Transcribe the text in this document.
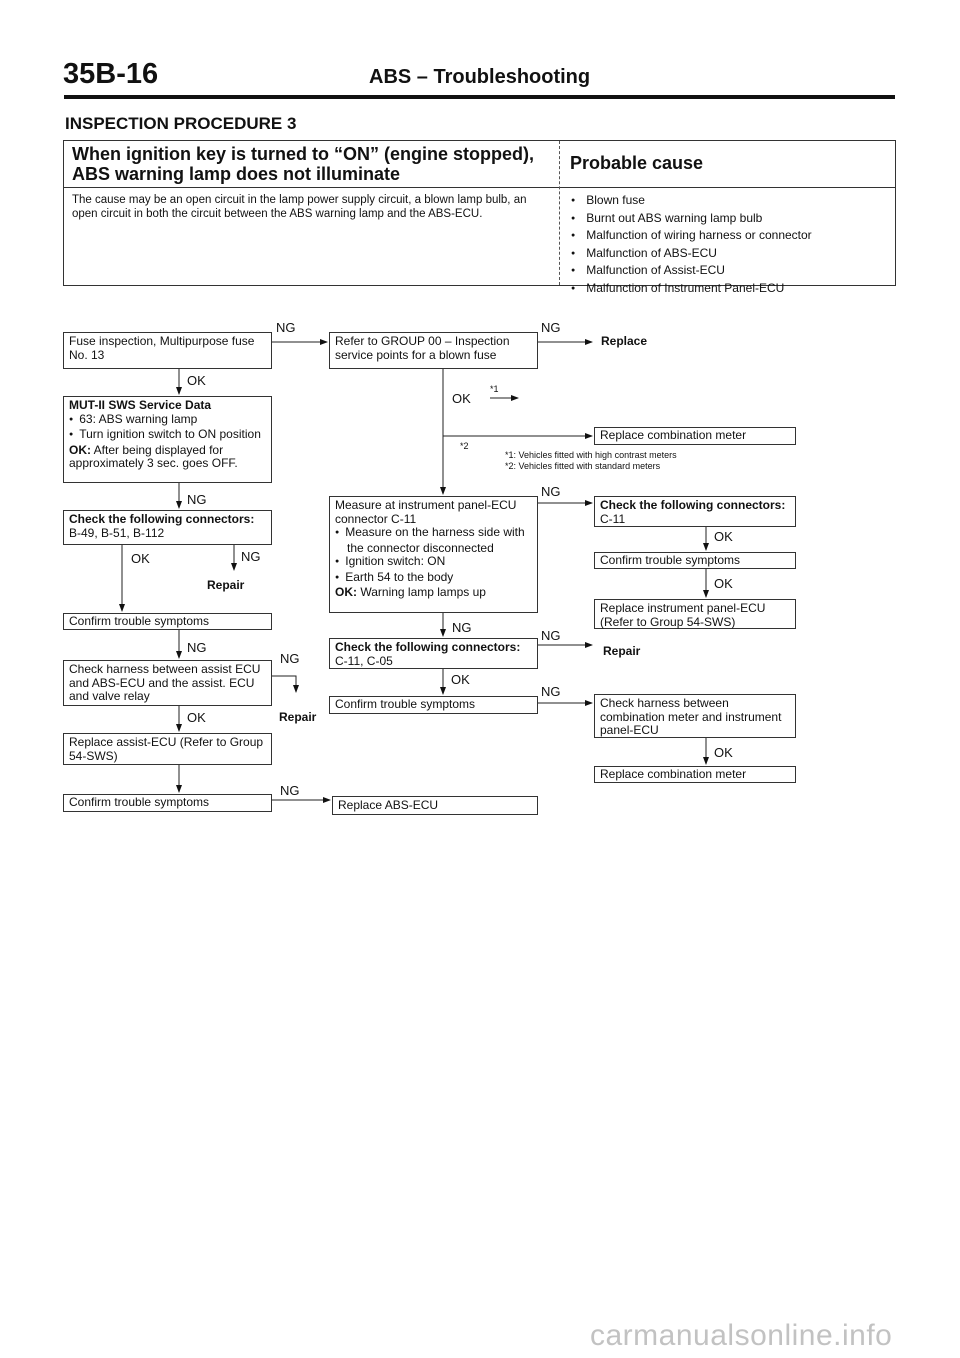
35B-16	ABS – Troubleshooting
INSPECTION PROCEDURE 3
When ignition key is turned to “ON” (engine stopped), ABS warning lamp does not illuminate
Probable cause
The cause may be an open circuit in the lamp power supply circuit, a blown lamp bulb, an open circuit in both the circuit between the ABS warning lamp and the ABS-ECU.
● Blown fuse
● Burnt out ABS warning lamp bulb
● Malfunction of wiring harness or connector
● Malfunction of ABS-ECU
● Malfunction of Assist-ECU
● Malfunction of Instrument Panel-ECU
Fuse inspection, Multipurpose fuse No. 13
MUT-II SWS Service Data
● 63: ABS warning lamp
● Turn ignition switch to ON position
OK: After being displayed for approximately 3 sec. goes OFF.
Check the following connectors:
B-49, B-51, B-112
Confirm trouble symptoms
Check harness between assist ECU and ABS-ECU and the assist. ECU and valve relay
Replace assist-ECU (Refer to Group 54-SWS)
Confirm trouble symptoms
Refer to GROUP 00 – Inspection service points for a blown fuse
Measure at instrument panel-ECU connector C-11
● Measure on the harness side with the connector disconnected
● Ignition switch: ON
● Earth 54 to the body
OK: Warning lamp lamps up
Check the following connectors:
C-11, C-05
Confirm trouble symptoms
Replace ABS-ECU
Replace combination meter
Check the following connectors:
C-11
Confirm trouble symptoms
Replace instrument panel-ECU (Refer to Group 54-SWS)
Check harness between combination meter and instrument panel-ECU
Replace combination meter
Replace
Repair
Repair
Repair
*1
*2
*1: Vehicles fitted with high contrast meters
*2: Vehicles fitted with standard meters
OK
OK
OK
OK
OK
OK
OK
OK
NG	NG
NG
NG
NG
NG
NG
NG
NG
NG
NG
carmanualsonline.info
